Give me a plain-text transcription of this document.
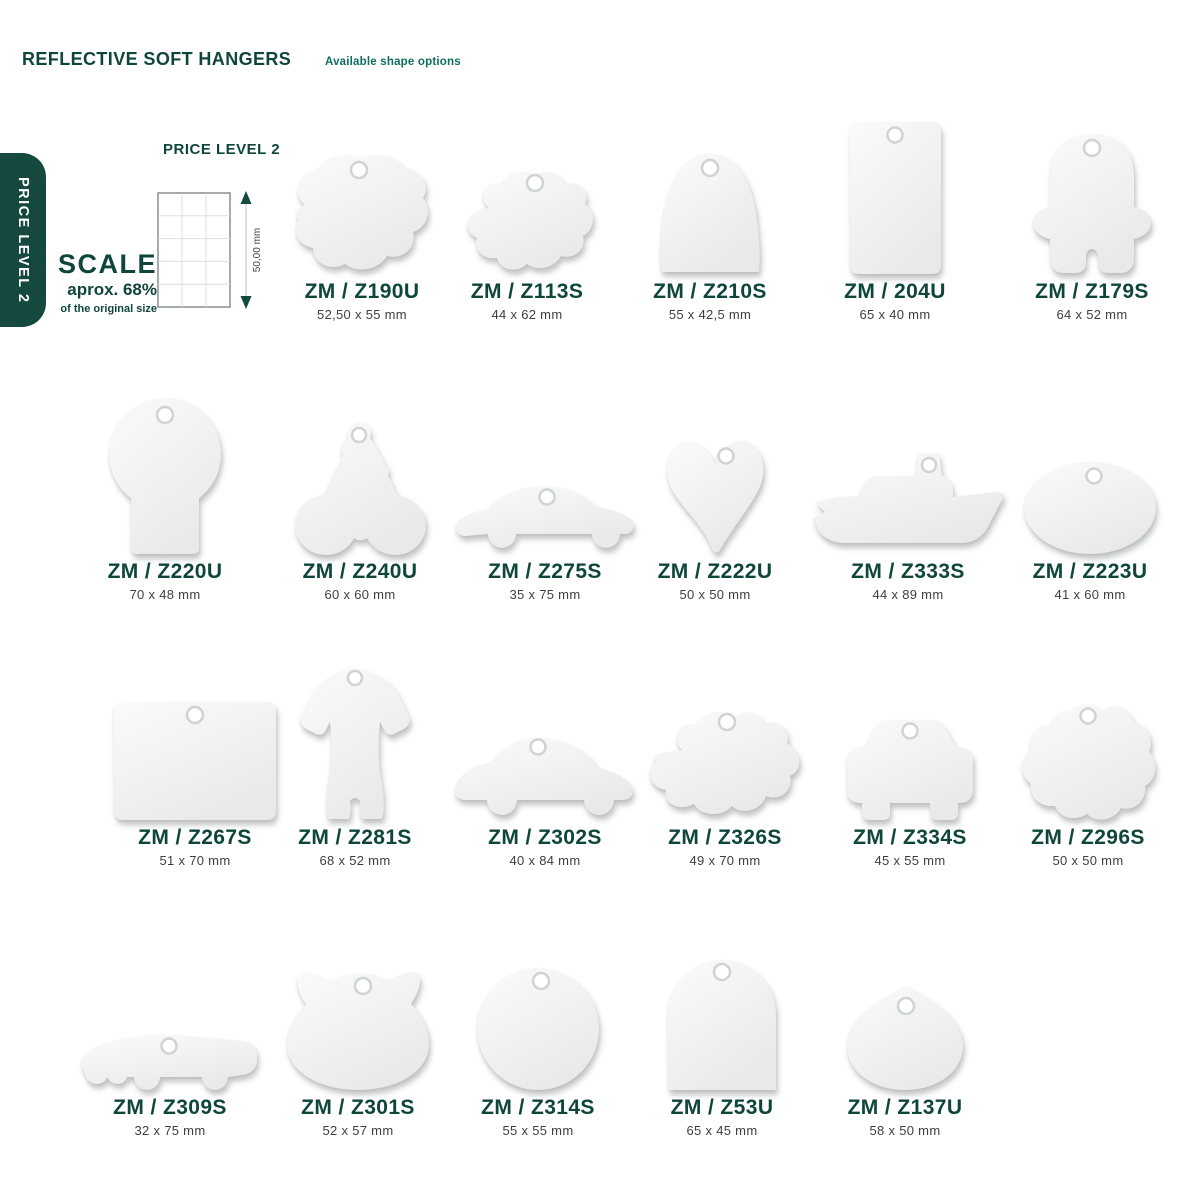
REFLECTIVE SOFT HANGERS	Available shape options
PRICE LEVEL 2
PRICE LEVEL 2
SCALE
aprox. 68%
of the original size
50,00 mm
ZM / Z190U
52,50 x 55 mm
ZM / Z113S
44 x 62 mm
ZM / Z210S
55 x 42,5 mm
ZM / 204U
65 x 40 mm
ZM / Z179S
64 x 52 mm
ZM / Z220U
70 x 48 mm
ZM / Z240U
60 x 60 mm
ZM / Z275S
35 x 75 mm
ZM / Z222U
50 x 50 mm
ZM / Z333S
44 x 89 mm
ZM / Z223U
41 x 60 mm
ZM / Z267S
51 x 70 mm
ZM / Z281S
68 x 52 mm
ZM / Z302S
40 x 84 mm
ZM / Z326S
49 x 70 mm
ZM / Z334S
45 x 55 mm
ZM / Z296S
50 x 50 mm
ZM / Z309S
32 x 75 mm
ZM / Z301S
52 x 57 mm
ZM / Z314S
55 x 55 mm
ZM / Z53U
65 x 45 mm
ZM / Z137U
58 x 50 mm
